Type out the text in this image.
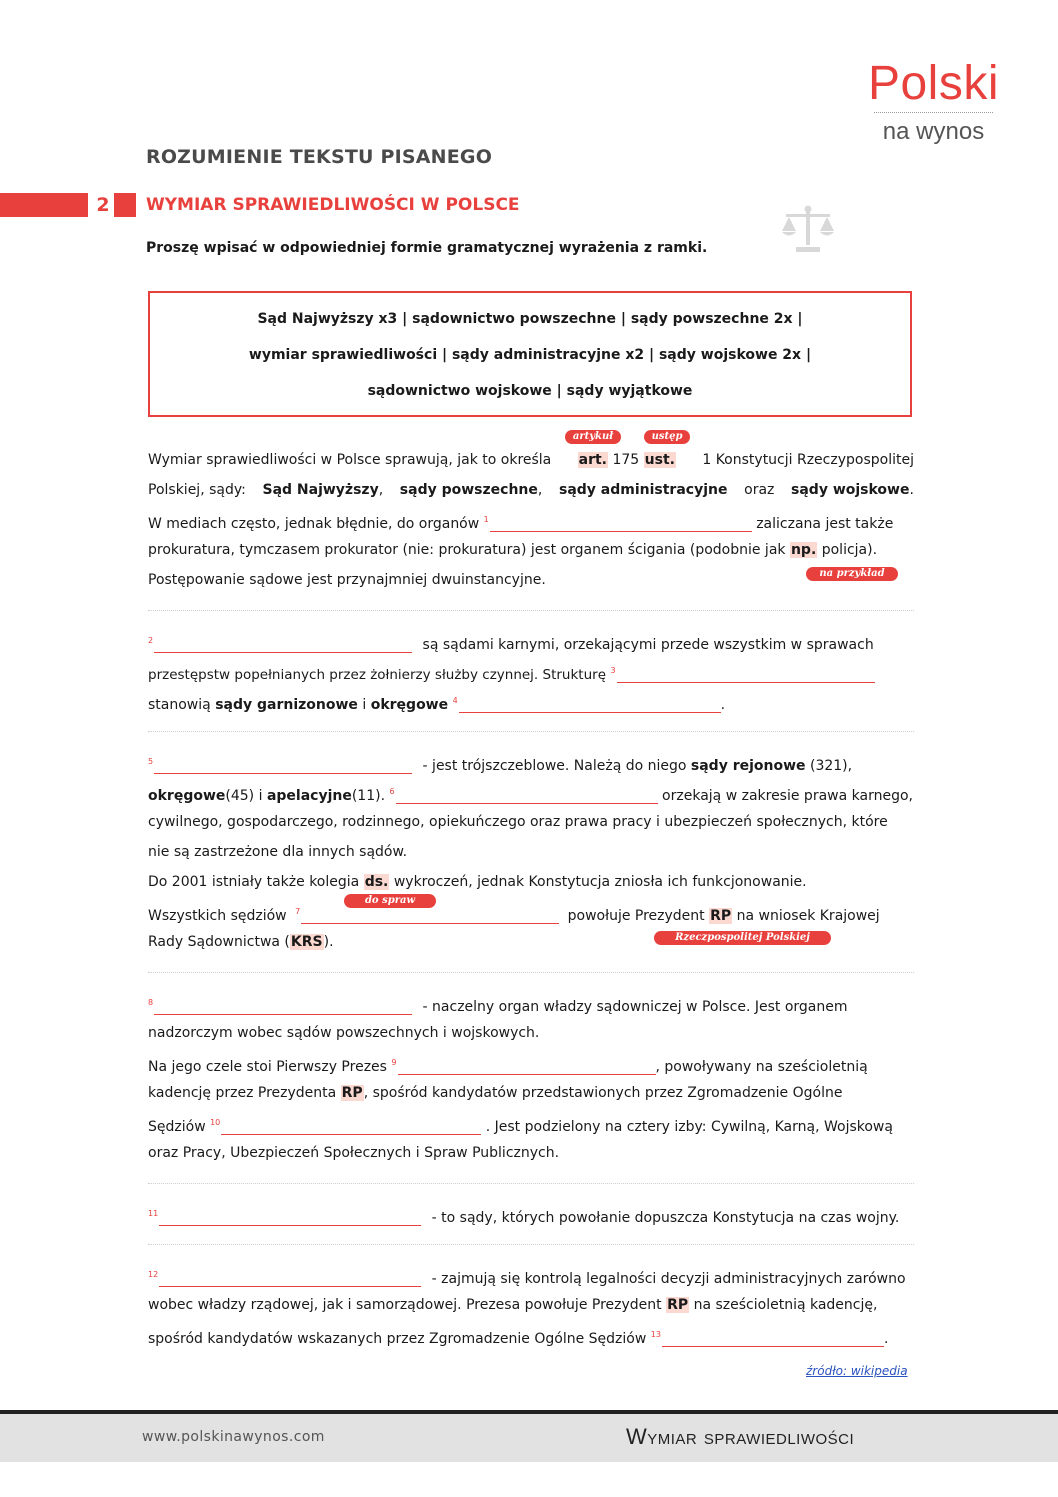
Polski
na wynos
ROZUMIENIE TEKSTU PISANEGO
2 WYMIAR SPRAWIEDLIWOŚCI W POLSCE
Proszę wpisać w odpowiedniej formie gramatycznej wyrażenia z ramki.
Sąd Najwyższy x3 | sądownictwo powszechne | sądy powszechne 2x |
wymiar sprawiedliwości | sądy administracyjne x2 | sądy wojskowe 2x |
sądownictwo wojskowe | sądy wyjątkowe
artykuł	ustęp
na przykład
do spraw
Rzeczpospolitej Polskiej
Wymiar sprawiedliwości w Polsce sprawują, jak to określa art. 175 ust. 1 Konstytucji Rzeczypospolitej
Polskiej, sądy: Sąd Najwyższy, sądy powszechne, sądy administracyjne oraz sądy wojskowe.
W mediach często, jednak błędnie, do organów $^1$	zaliczana jest także
prokuratura, tymczasem prokurator (nie: prokuratura) jest organem ścigania (podobnie jak np. policja).
Postępowanie sądowe jest przynajmniej dwuinstancyjne.
$^2$	są sądami karnymi, orzekającymi przede wszystkim w sprawach
przestępstw popełnianych przez żołnierzy służby czynnej. Strukturę $^3$
stanowią sądy garnizonowe i okręgowe $^4$	.
$^5$	- jest trójszczeblowe. Należą do niego sądy rejonowe (321),
okręgowe(45) i apelacyjne(11). $^6$	orzekają w zakresie prawa karnego,
cywilnego, gospodarczego, rodzinnego, opiekuńczego oraz prawa pracy i ubezpieczeń społecznych, które
nie są zastrzeżone dla innych sądów.
Do 2001 istniały także kolegia ds. wykroczeń, jednak Konstytucja zniosła ich funkcjonowanie.
Wszystkich sędziów $^7$	powołuje Prezydent RP na wniosek Krajowej
Rady Sądownictwa (KRS).
$^8$	- naczelny organ władzy sądowniczej w Polsce. Jest organem
nadzorczym wobec sądów powszechnych i wojskowych.
Na jego czele stoi Pierwszy Prezes $^9$	, powoływany na sześcioletnią
kadencję przez Prezydenta RP, spośród kandydatów przedstawionych przez Zgromadzenie Ogólne
Sędziów $^{10}$	. Jest podzielony na cztery izby: Cywilną, Karną, Wojskową
oraz Pracy, Ubezpieczeń Społecznych i Spraw Publicznych.
$^{11}$	- to sądy, których powołanie dopuszcza Konstytucja na czas wojny.
$^{12}$	- zajmują się kontrolą legalności decyzji administracyjnych zarówno
wobec władzy rządowej, jak i samorządowej. Prezesa powołuje Prezydent RP na sześcioletnią kadencję,
spośród kandydatów wskazanych przez Zgromadzenie Ogólne Sędziów $^{13}$	.
źródło: wikipedia
www.polskinawynos.com	Wymiar sprawiedliwości
